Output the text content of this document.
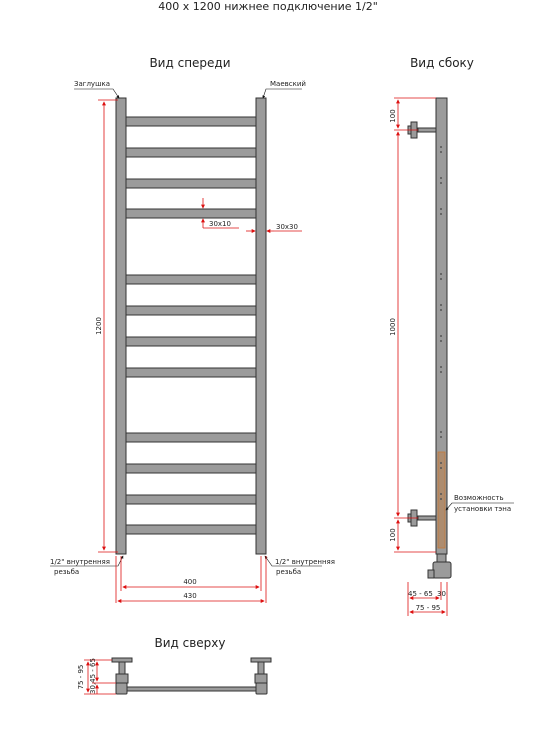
400 x 1200 нижнее подключение 1/2"
Вид спереди	Вид сбоку
Вид сверху
Заглушка	Маевский
1/2" внутренняя
резьба
1/2" внутренняя
резьба
1200
30x10	30x30
400
430
100
1000
100
Возможность
установки тэна
45 - 65 30
75 - 95
75 - 95 30,45 - 65
